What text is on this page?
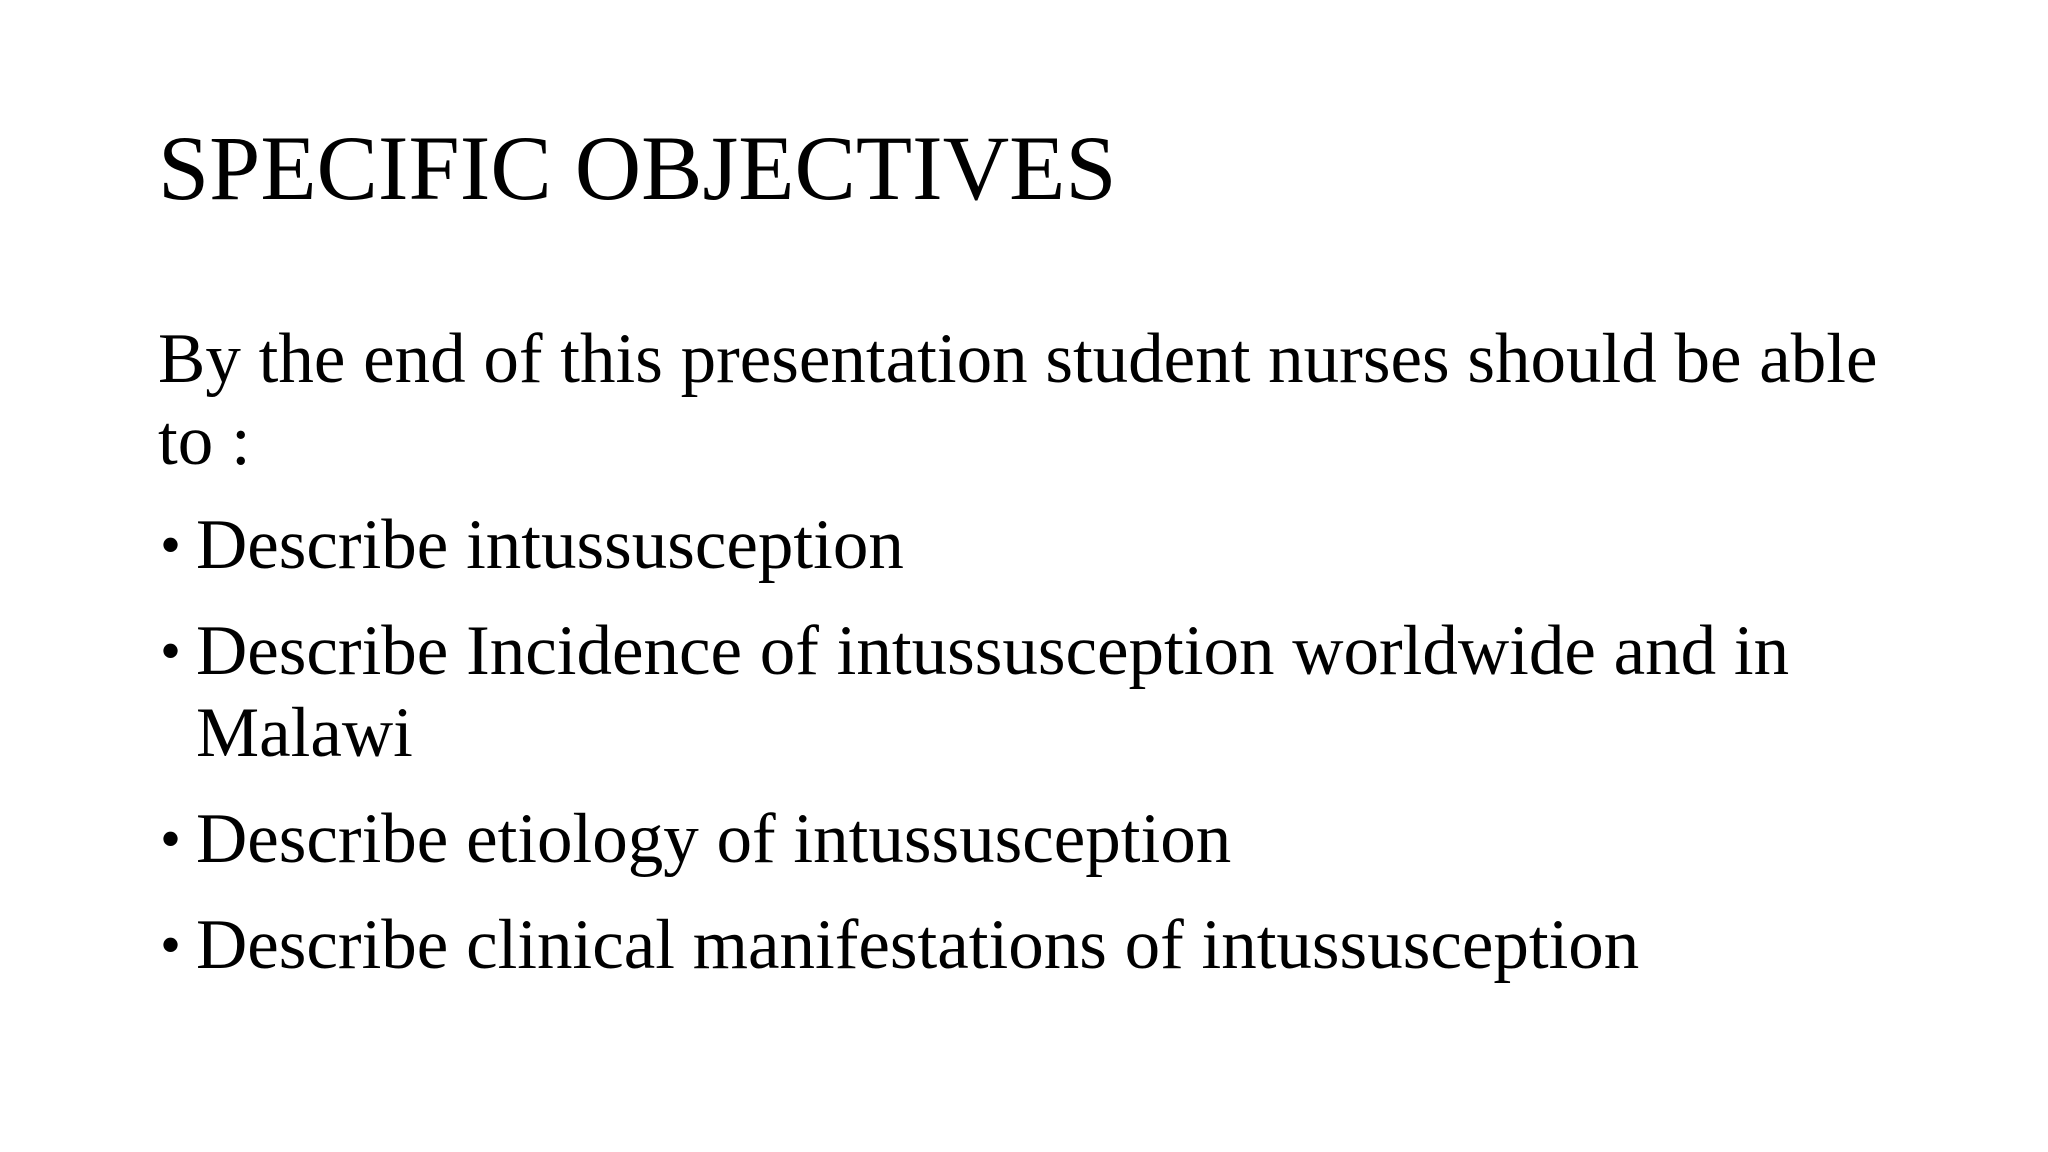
SPECIFIC OBJECTIVES

By the end of this presentation student nurses should be able to :

• Describe intussusception
• Describe Incidence of intussusception worldwide and in Malawi
• Describe etiology of intussusception
• Describe clinical manifestations of intussusception
